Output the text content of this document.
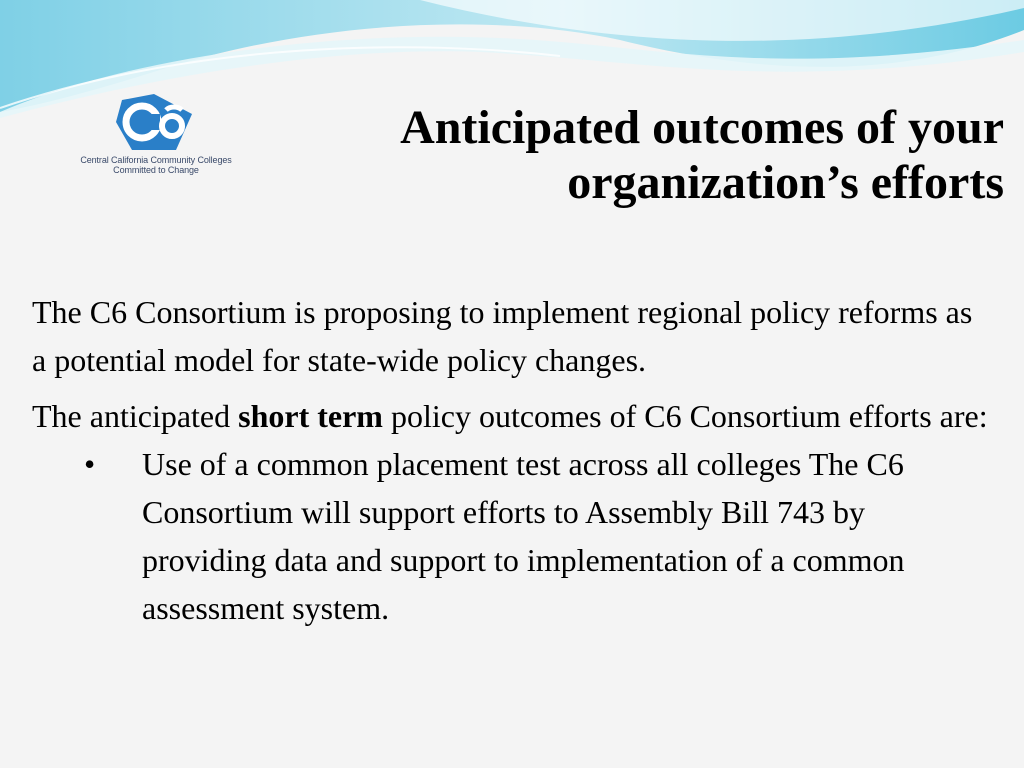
Central California Community Colleges
Committed to Change
Anticipated outcomes of your
organization’s efforts

The C6 Consortium is proposing to implement regional policy reforms as a potential model for state-wide policy changes.

The anticipated short term policy outcomes of C6 Consortium efforts are:

• Use of a common placement test across all colleges The C6 Consortium will support efforts to Assembly Bill 743 by providing data and support to implementation of a common assessment system.
